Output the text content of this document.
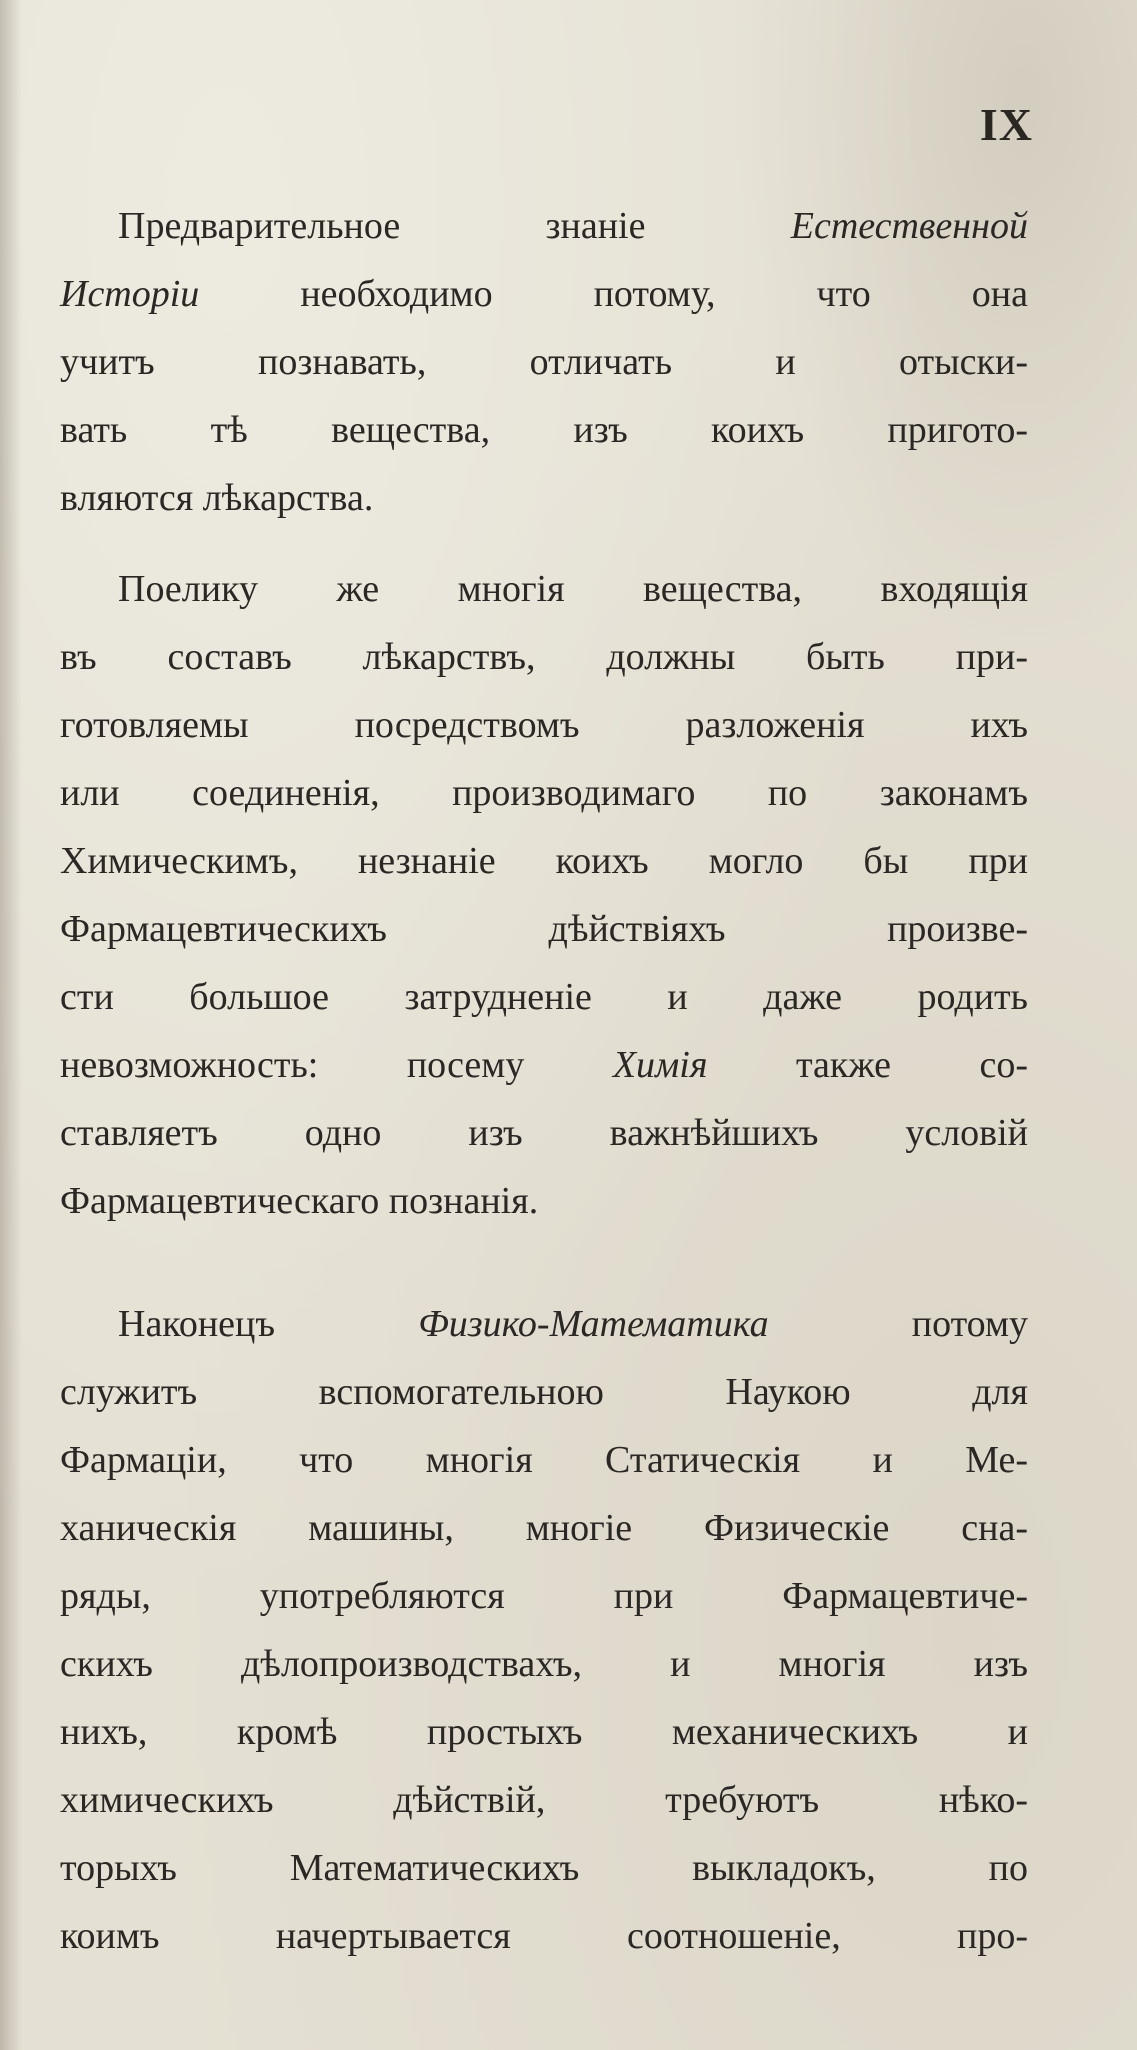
IX
Предварительное знаніе Естественной
Исторіи необходимо потому, что она
учитъ познавать, отличать и отыски-
вать тѣ вещества, изъ коихъ пригото-
вляются лѣкарства.
Поелику же многія вещества, входящія
въ составъ лѣкарствъ, должны быть при-
готовляемы посредствомъ разложенія ихъ
или соединенія, производимаго по законамъ
Химическимъ, незнаніе коихъ могло бы при
Фармацевтическихъ дѣйствіяхъ произве-
сти большое затрудненіе и даже родить
невозможность: посему Химія также со-
ставляетъ одно изъ важнѣйшихъ условій
Фармацевтическаго познанія.
Наконецъ Физико-Математика потому
служитъ вспомогательною Наукою для
Фармаціи, что многія Статическія и Ме-
ханическія машины, многіе Физическіе сна-
ряды, употребляются при Фармацевтиче-
скихъ дѣлопроизводствахъ, и многія изъ
нихъ, кромѣ простыхъ механическихъ и
химическихъ дѣйствій, требуютъ нѣко-
торыхъ Математическихъ выкладокъ, по
коимъ начертывается соотношеніе, про-
